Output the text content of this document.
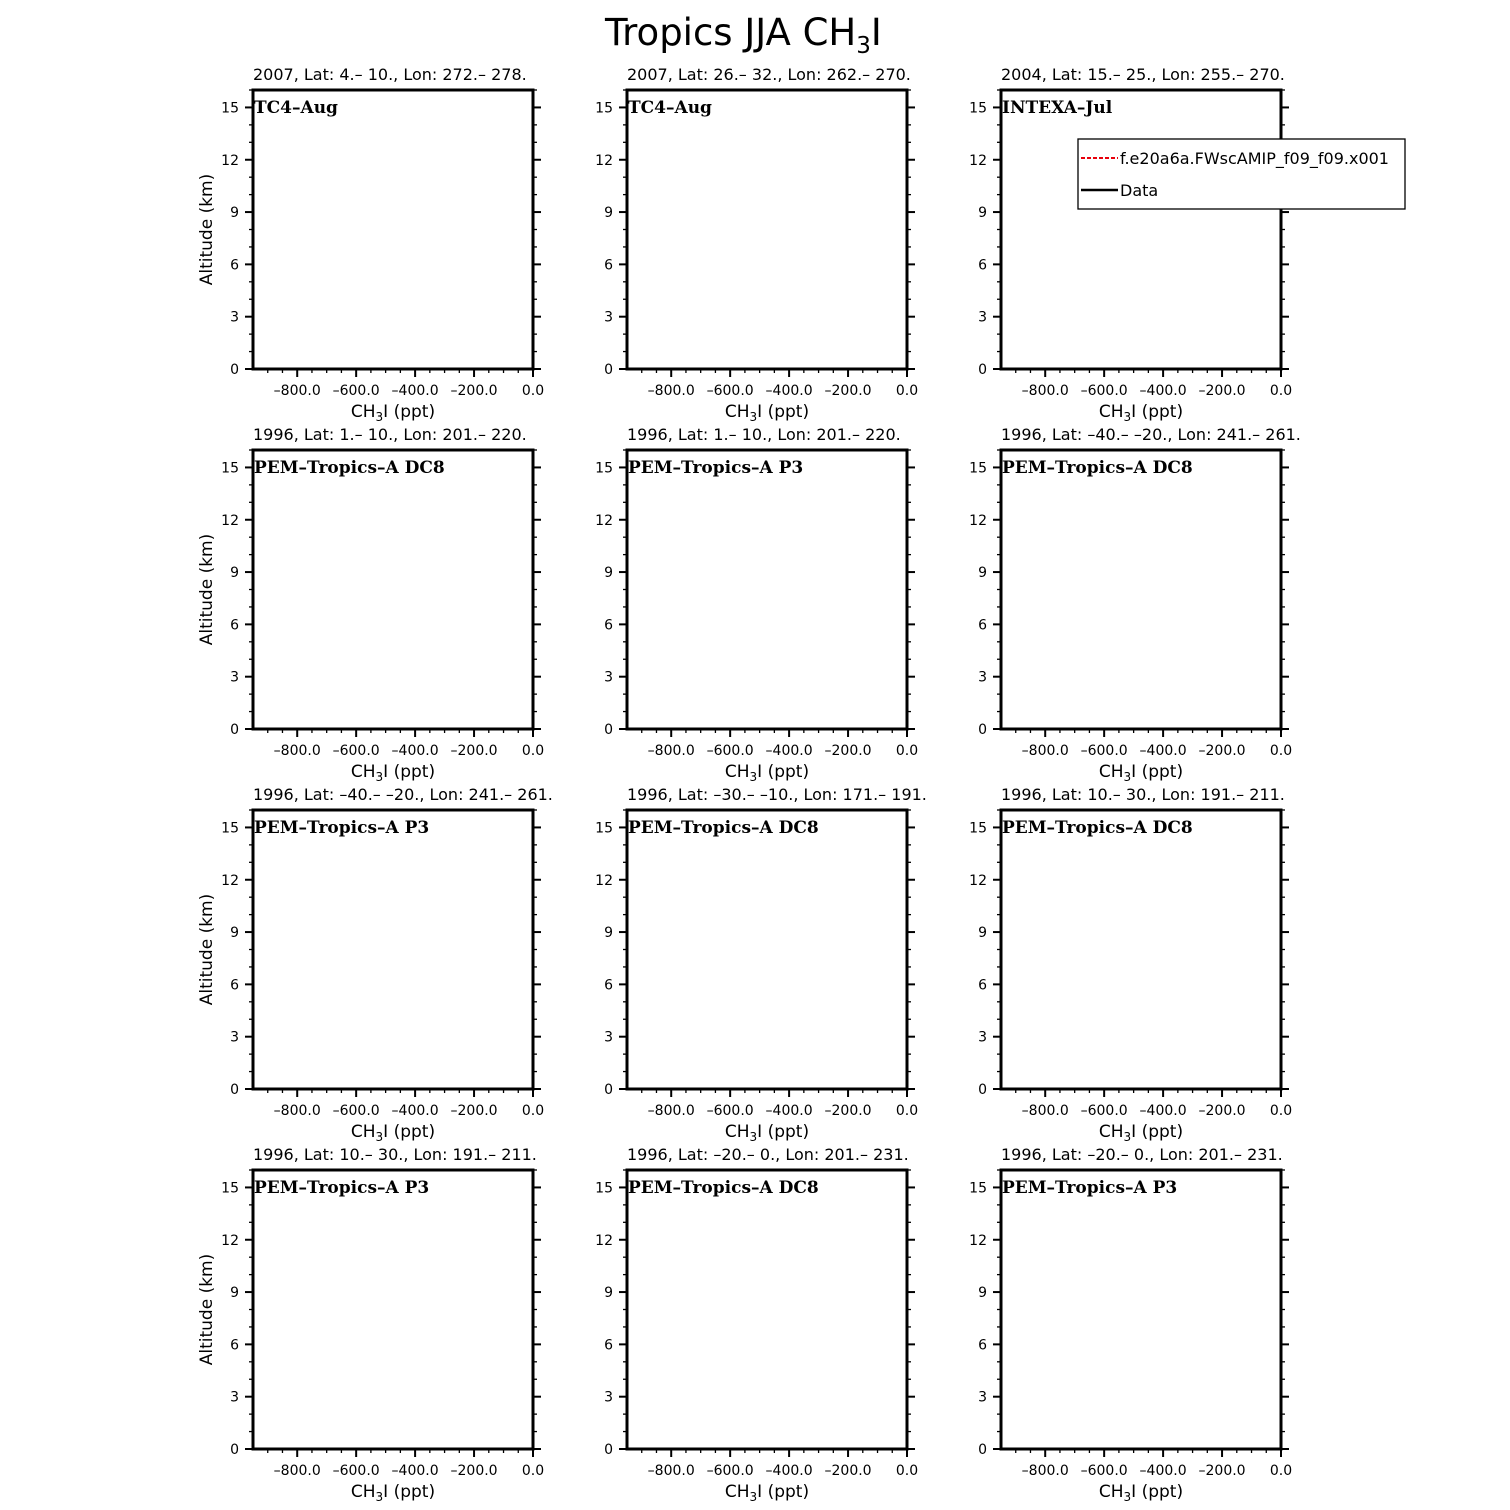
Tropics JJA $CH_3I$
2007, Lat: 4.– 10., Lon: 272.– 278.
0
3
6
9
12
15
–800.0 –600.0 –400.0 –200.0 0.0
TC4–Aug
$CH_3I$ (ppt)
Altitude (km)
2007, Lat: 26.– 32., Lon: 262.– 270.
0
3
6
9
12
15
–800.0 –600.0 –400.0 –200.0 0.0
TC4–Aug
$CH_3I$ (ppt)
2004, Lat: 15.– 25., Lon: 255.– 270.
0
3
6
9
12
15
–800.0 –600.0 –400.0 –200.0 0.0
INTEXA–Jul
$CH_3I$ (ppt)
1996, Lat: 1.– 10., Lon: 201.– 220.
0
3
6
9
12
15
–800.0 –600.0 –400.0 –200.0 0.0
PEM–Tropics–A DC8
$CH_3I$ (ppt)
Altitude (km)
1996, Lat: 1.– 10., Lon: 201.– 220.
0
3
6
9
12
15
–800.0 –600.0 –400.0 –200.0 0.0
PEM–Tropics–A P3
$CH_3I$ (ppt)
1996, Lat: –40.– –20., Lon: 241.– 261.
0
3
6
9
12
15
–800.0 –600.0 –400.0 –200.0 0.0
PEM–Tropics–A DC8
$CH_3I$ (ppt)
1996, Lat: –40.– –20., Lon: 241.– 261.
0
3
6
9
12
15
–800.0 –600.0 –400.0 –200.0 0.0
PEM–Tropics–A P3
$CH_3I$ (ppt)
Altitude (km)
1996, Lat: –30.– –10., Lon: 171.– 191.
0
3
6
9
12
15
–800.0 –600.0 –400.0 –200.0 0.0
PEM–Tropics–A DC8
$CH_3I$ (ppt)
1996, Lat: 10.– 30., Lon: 191.– 211.
0
3
6
9
12
15
–800.0 –600.0 –400.0 –200.0 0.0
PEM–Tropics–A DC8
$CH_3I$ (ppt)
1996, Lat: 10.– 30., Lon: 191.– 211.
0
3
6
9
12
15
–800.0 –600.0 –400.0 –200.0 0.0
PEM–Tropics–A P3
$CH_3I$ (ppt)
Altitude (km)
1996, Lat: –20.– 0., Lon: 201.– 231.
0
3
6
9
12
15
–800.0 –600.0 –400.0 –200.0 0.0
PEM–Tropics–A DC8
$CH_3I$ (ppt)
1996, Lat: –20.– 0., Lon: 201.– 231.
0
3
6
9
12
15
–800.0 –600.0 –400.0 –200.0 0.0
PEM–Tropics–A P3
$CH_3I$ (ppt)
f.e20a6a.FWscAMIP_f09_f09.x001
Data
